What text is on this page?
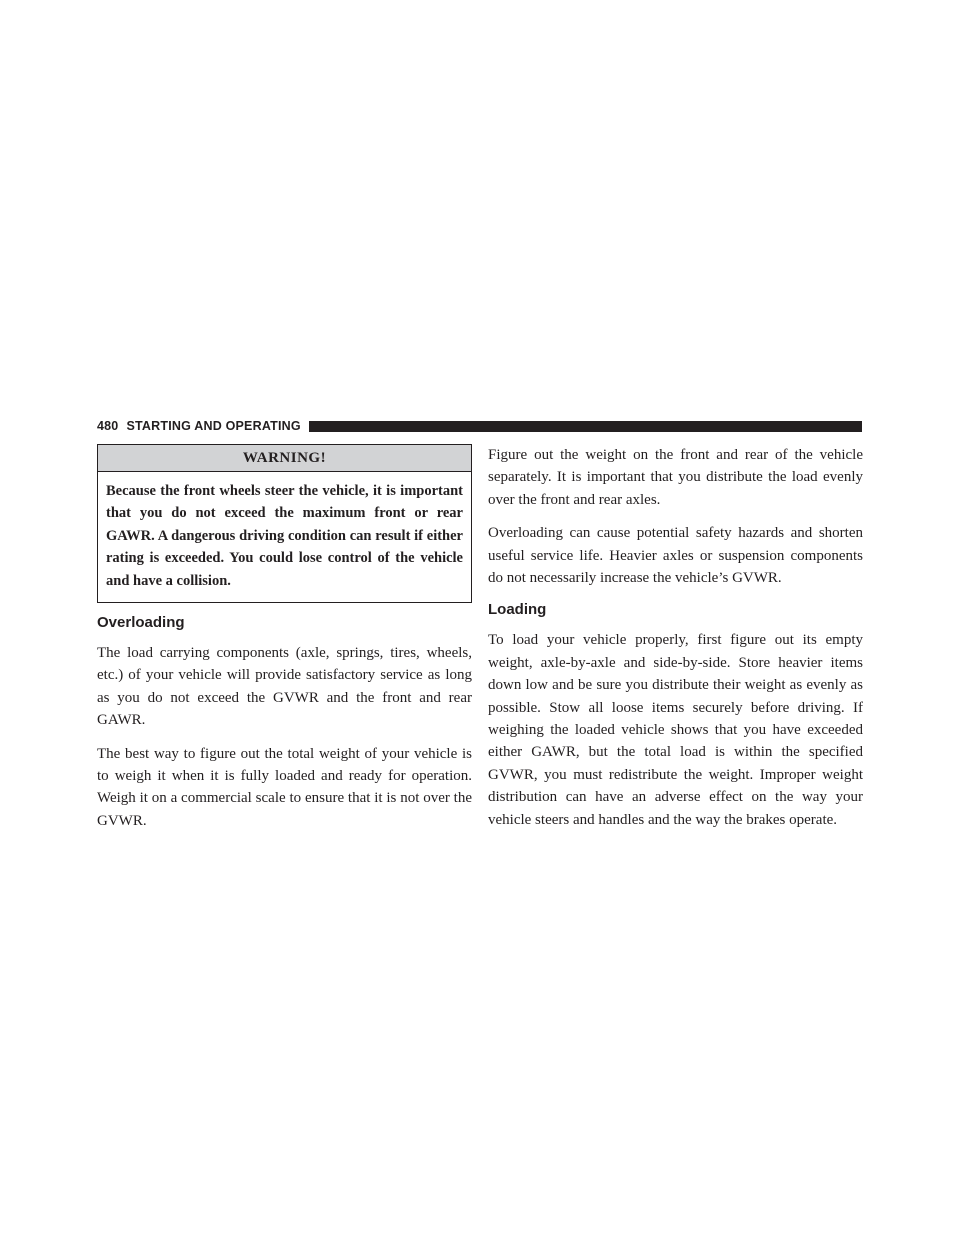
480 STARTING AND OPERATING
WARNING!
Because the front wheels steer the vehicle, it is important that you do not exceed the maximum front or rear GAWR. A dangerous driving condition can result if either rating is exceeded. You could lose control of the vehicle and have a collision.
Overloading

The load carrying components (axle, springs, tires, wheels, etc.) of your vehicle will provide satisfactory service as long as you do not exceed the GVWR and the front and rear GAWR.

The best way to figure out the total weight of your vehicle is to weigh it when it is fully loaded and ready for operation. Weigh it on a commercial scale to ensure that it is not over the GVWR.

Figure out the weight on the front and rear of the vehicle separately. It is important that you distribute the load evenly over the front and rear axles.

Overloading can cause potential safety hazards and shorten useful service life. Heavier axles or suspension components do not necessarily increase the vehicle’s GVWR.

Loading

To load your vehicle properly, first figure out its empty weight, axle-by-axle and side-by-side. Store heavier items down low and be sure you distribute their weight as evenly as possible. Stow all loose items securely before driving. If weighing the loaded vehicle shows that you have exceeded either GAWR, but the total load is within the specified GVWR, you must redistribute the weight. Improper weight distribution can have an adverse effect on the way your vehicle steers and handles and the way the brakes operate.
